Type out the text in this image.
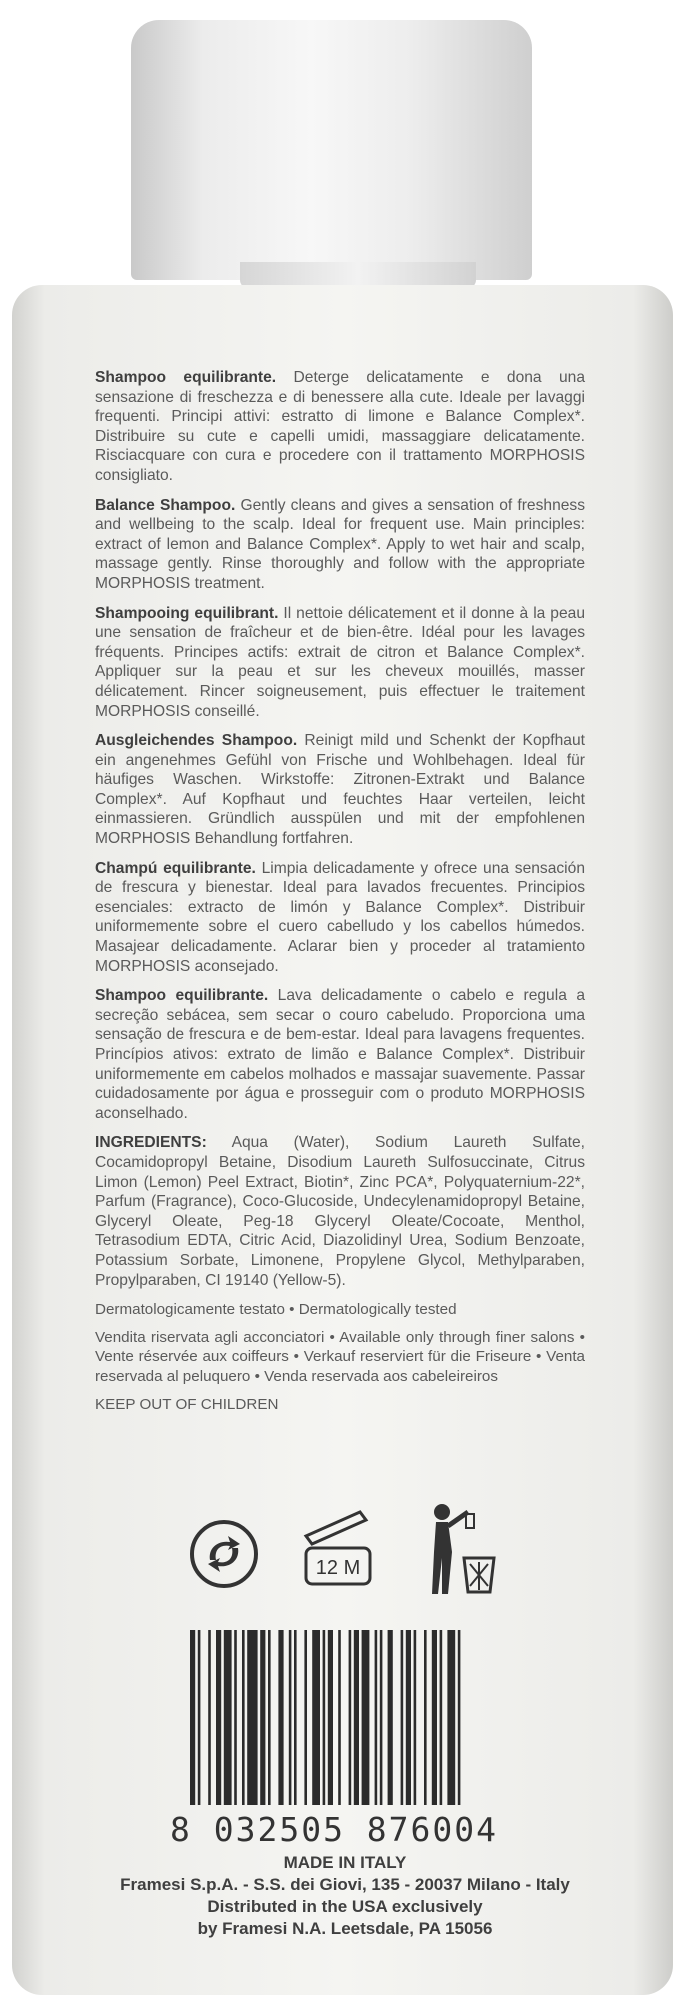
Shampoo equilibrante. Deterge delicatamente e dona una sensazione di freschezza e di benessere alla cute. Ideale per lavaggi frequenti. Principi attivi: estratto di limone e Balance Complex*. Distribuire su cute e capelli umidi, massaggiare delicatamente. Risciacquare con cura e procedere con il trattamento MORPHOSIS consigliato.

Balance Shampoo. Gently cleans and gives a sensation of freshness and wellbeing to the scalp. Ideal for frequent use. Main principles: extract of lemon and Balance Complex*. Apply to wet hair and scalp, massage gently. Rinse thoroughly and follow with the appropriate MORPHOSIS treatment.

Shampooing equilibrant. Il nettoie délicatement et il donne à la peau une sensation de fraîcheur et de bien-être. Idéal pour les lavages fréquents. Principes actifs: extrait de citron et Balance Complex*. Appliquer sur la peau et sur les cheveux mouillés, masser délicatement. Rincer soigneusement, puis effectuer le traitement MORPHOSIS conseillé.

Ausgleichendes Shampoo. Reinigt mild und Schenkt der Kopfhaut ein angenehmes Gefühl von Frische und Wohlbehagen. Ideal für häufiges Waschen. Wirkstoffe: Zitronen-Extrakt und Balance Complex*. Auf Kopfhaut und feuchtes Haar verteilen, leicht einmassieren. Gründlich ausspülen und mit der empfohlenen MORPHOSIS Behandlung fortfahren.

Champú equilibrante. Limpia delicadamente y ofrece una sensación de frescura y bienestar. Ideal para lavados frecuentes. Principios esenciales: extracto de limón y Balance Complex*. Distribuir uniformemente sobre el cuero cabelludo y los cabellos húmedos. Masajear delicadamente. Aclarar bien y proceder al tratamiento MORPHOSIS aconsejado.

Shampoo equilibrante. Lava delicadamente o cabelo e regula a secreção sebácea, sem secar o couro cabeludo. Proporciona uma sensação de frescura e de bem-estar. Ideal para lavagens frequentes. Princípios ativos: extrato de limão e Balance Complex*. Distribuir uniformemente em cabelos molhados e massajar suavemente. Passar cuidadosamente por água e prosseguir com o produto MORPHOSIS aconselhado.

INGREDIENTS: Aqua (Water), Sodium Laureth Sulfate, Cocamidopropyl Betaine, Disodium Laureth Sulfosuccinate, Citrus Limon (Lemon) Peel Extract, Biotin*, Zinc PCA*, Polyquaternium-22*, Parfum (Fragrance), Coco-Glucoside, Undecylenamidopropyl Betaine, Glyceryl Oleate, Peg-18 Glyceryl Oleate/Cocoate, Menthol, Tetrasodium EDTA, Citric Acid, Diazolidinyl Urea, Sodium Benzoate, Potassium Sorbate, Limonene, Propylene Glycol, Methylparaben, Propylparaben, CI 19140 (Yellow-5).

Dermatologicamente testato • Dermatologically tested

Vendita riservata agli acconciatori • Available only through finer salons • Vente réservée aux coiffeurs • Verkauf reserviert für die Friseure • Venta reservada al peluquero • Venda reservada aos cabeleireiros

KEEP OUT OF CHILDREN

12 M
8 032505 876004
MADE IN ITALY
Framesi S.p.A. - S.S. dei Giovi, 135 - 20037 Milano - Italy
Distributed in the USA exclusively
by Framesi N.A. Leetsdale, PA 15056
